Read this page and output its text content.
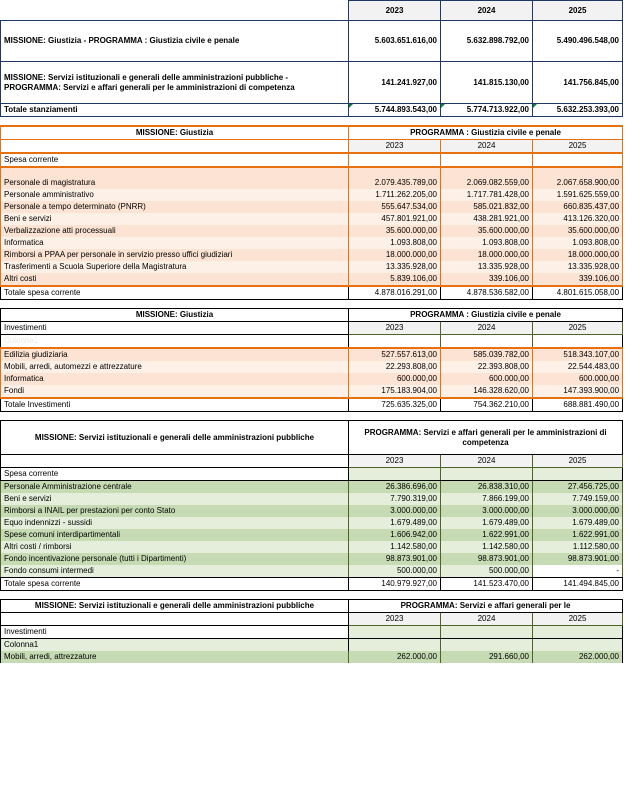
	2023	2024	2025
MISSIONE: Giustizia - PROGRAMMA : Giustizia civile e penale	5.603.651.616,00	5.632.898.792,00	5.490.496.548,00
MISSIONE: Servizi istituzionali e generali delle amministrazioni pubbliche - PROGRAMMA: Servizi e affari generali per le amministrazioni di competenza	141.241.927,00	141.815.130,00	141.756.845,00
Totale stanziamenti	5.744.893.543,00	5.774.713.922,00	5.632.253.393,00

MISSIONE: Giustizia	PROGRAMMA : Giustizia civile e penale		
	2023	2024	2025
Spesa corrente			

Personale di magistratura	2.079.435.789,00	2.069.082.559,00	2.067.658.900,00
Personale amministrativo	1.711.262.205,00	1.717.781.428,00	1.591.625.559,00
Personale a tempo determinato (PNRR)	555.647.534,00	585.021.832,00	660.835.437,00
Beni e servizi	457.801.921,00	438.281.921,00	413.126.320,00
Verbalizzazione atti processuali	35.600.000,00	35.600.000,00	35.600.000,00
Informatica	1.093.808,00	1.093.808,00	1.093.808,00
Rimborsi a PPAA per personale in servizio presso uffici giudiziari	18.000.000,00	18.000.000,00	18.000.000,00
Trasferimenti a Scuola Superiore della Magistratura	13.335.928,00	13.335.928,00	13.335.928,00
Altri costi	5.839.106,00	339.106,00	339.106,00
Totale spesa corrente	4.878.016.291,00	4.878.536.582,00	4.801.615.058,00

MISSIONE: Giustizia	PROGRAMMA : Giustizia civile e penale		
Investimenti	2023	2024	2025
Colonna1			
Edilizia giudiziaria	527.557.613,00	585.039.782,00	518.343.107,00
Mobili, arredi, automezzi e attrezzature	22.293.808,00	22.393.808,00	22.544.483,00
Informatica	600.000,00	600.000,00	600.000,00
Fondi	175.183.904,00	146.328.620,00	147.393.900,00
Totale Investimenti	725.635.325,00	754.362.210,00	688.881.490,00

MISSIONE: Servizi istituzionali e generali delle amministrazioni pubbliche	PROGRAMMA: Servizi e affari generali per le amministrazioni di competenza		
	2023	2024	2025
Spesa corrente			
Personale Amministrazione centrale	26.386.696,00	26.838.310,00	27.456.725,00
Beni e servizi	7.790.319,00	7.866.199,00	7.749.159,00
Rimborsi a INAIL per prestazioni per conto Stato	3.000.000,00	3.000.000,00	3.000.000,00
Equo indennizzi - sussidi	1.679.489,00	1.679.489,00	1.679.489,00
Spese comuni interdipartimentali	1.606.942,00	1.622.991,00	1.622.991,00
Altri costi / rimborsi	1.142.580,00	1.142.580,00	1.112.580,00
Fondo incentivazione personale (tutti i Dipartimenti)	98.873.901,00	98.873.901,00	98.873.901,00
Fondo consumi intermedi	500.000,00	500.000,00	-
Totale spesa corrente	140.979.927,00	141.523.470,00	141.494.845,00

MISSIONE: Servizi istituzionali e generali delle amministrazioni pubbliche	PROGRAMMA: Servizi e affari generali per le		
	2023	2024	2025
Investimenti			
Colonna1			
Mobili, arredi, attrezzature	262.000,00	291.660,00	262.000,00
